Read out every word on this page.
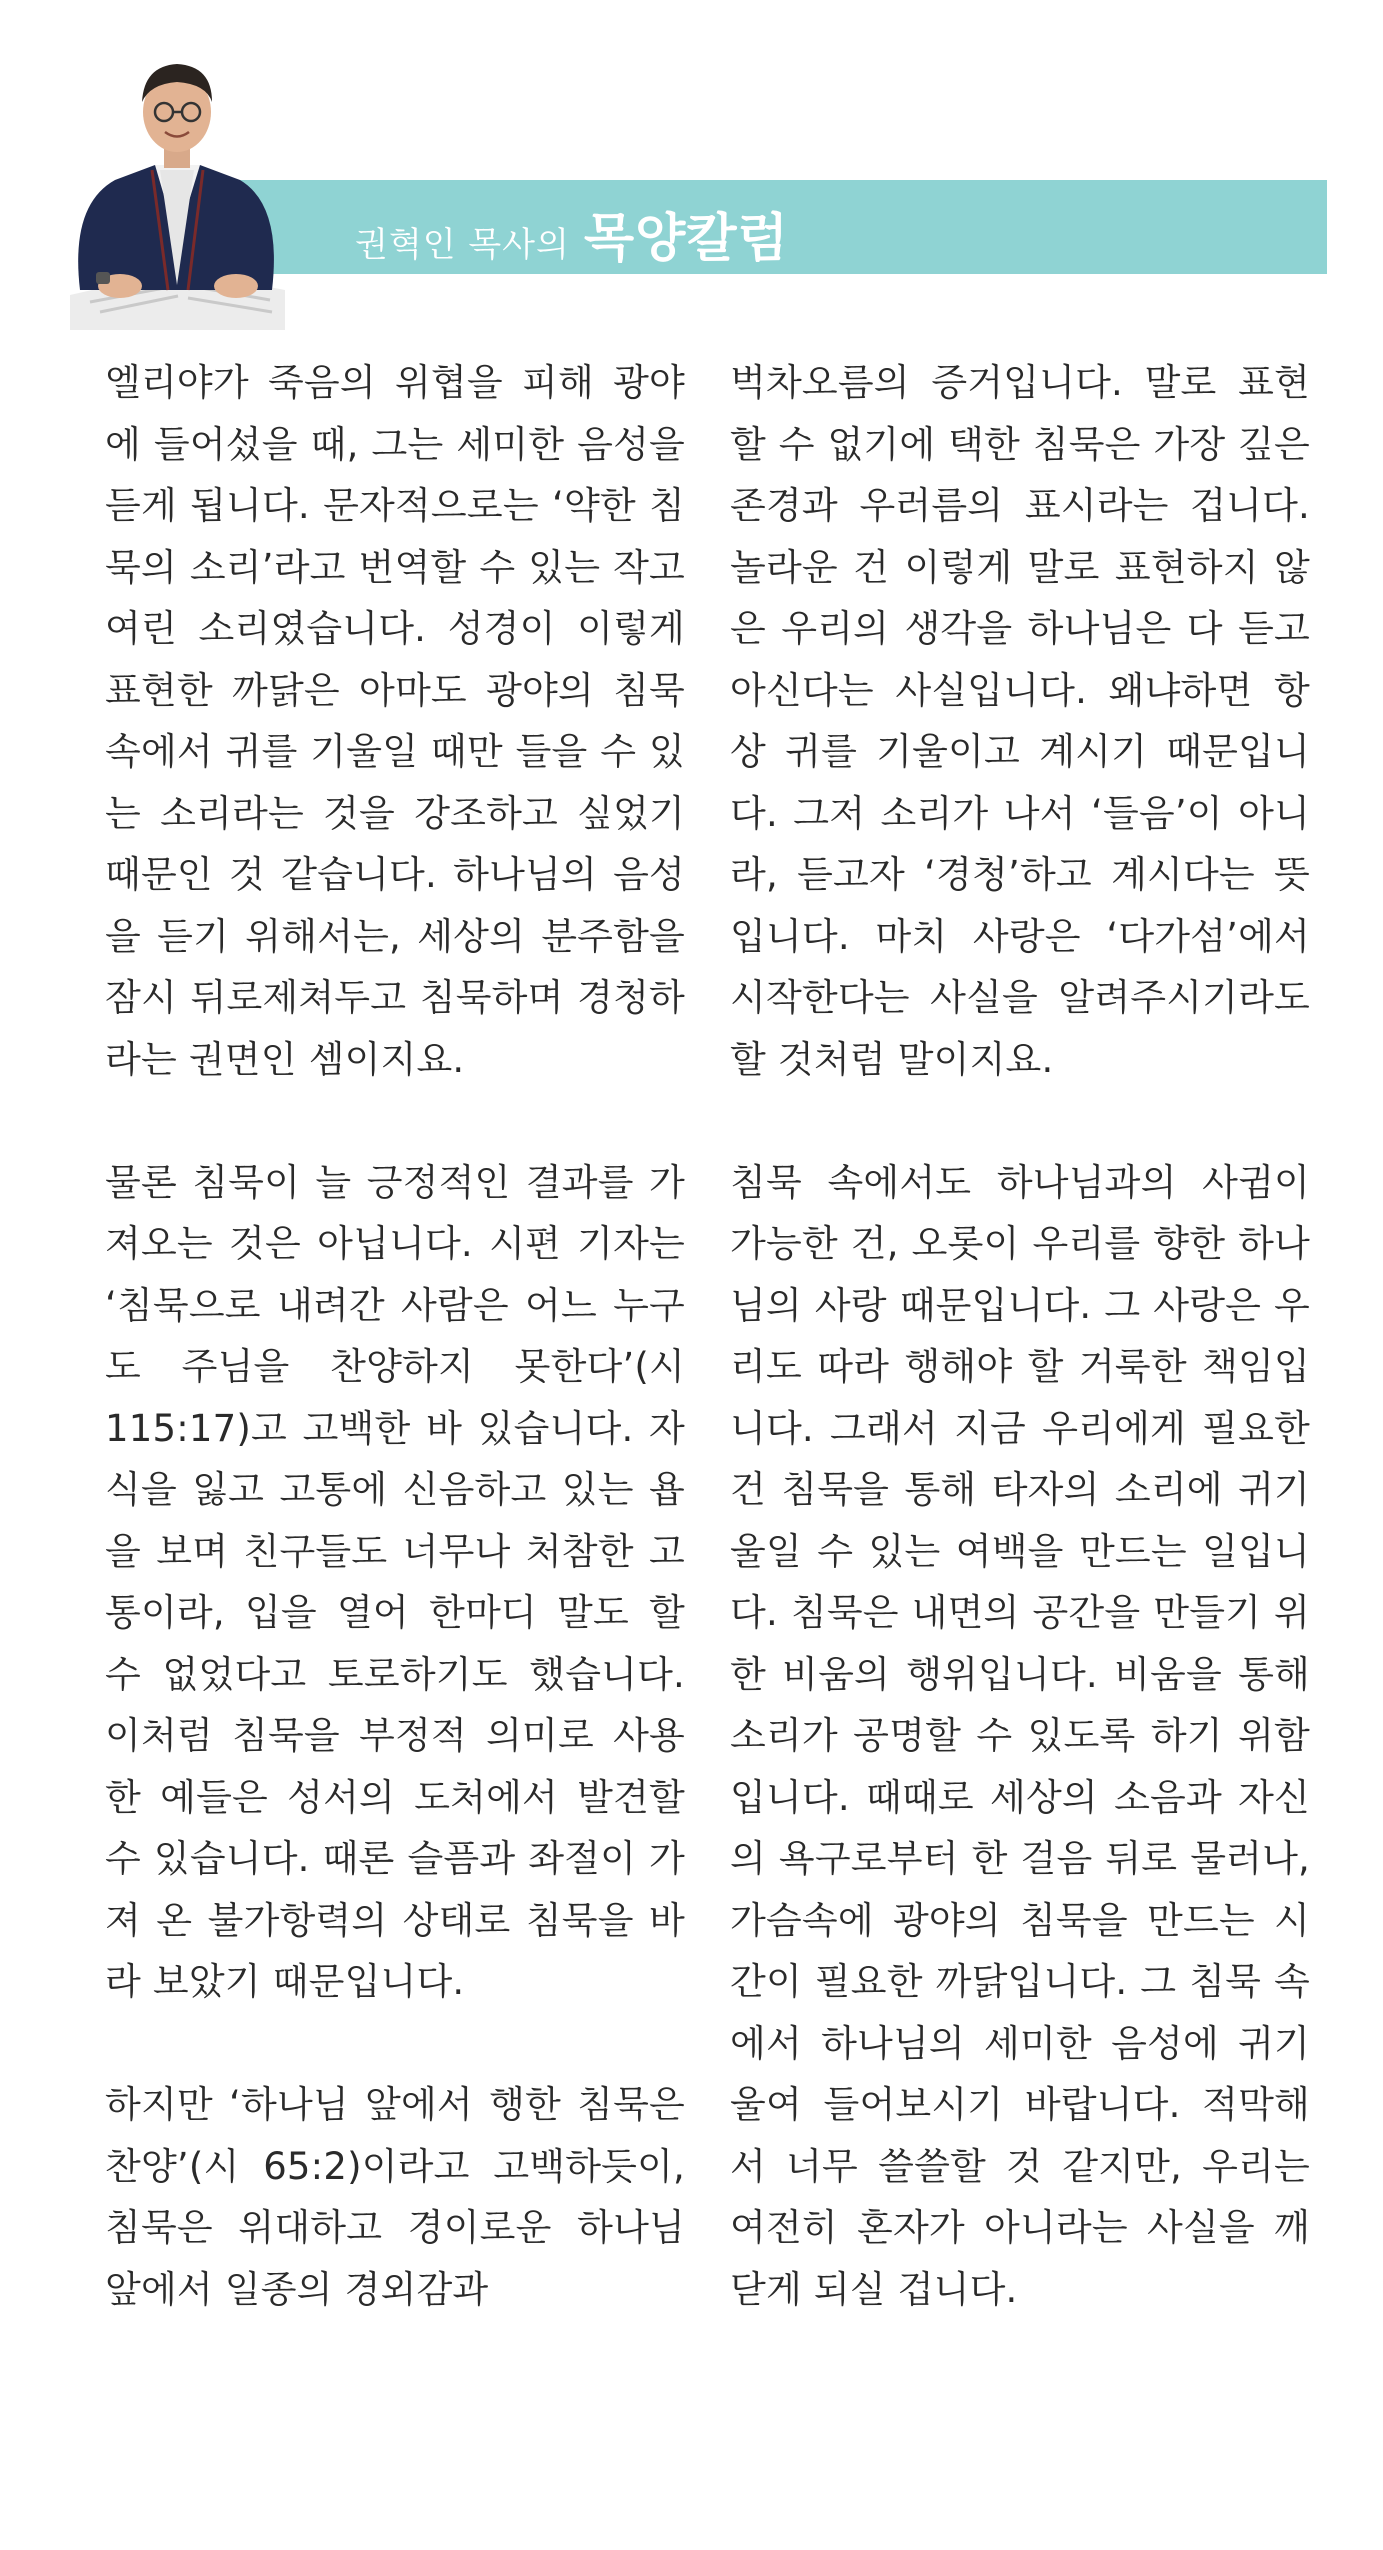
권혁인 목사의 목양칼럼

엘리야가 죽음의 위협을 피해 광야에 들어섰을 때, 그는 세미한 음성을 듣게 됩니다. 문자적으로는 ‘약한 침묵의 소리’라고 번역할 수 있는 작고 여린 소리였습니다. 성경이 이렇게 표현한 까닭은 아마도 광야의 침묵 속에서 귀를 기울일 때만 들을 수 있는 소리라는 것을 강조하고 싶었기 때문인 것 같습니다. 하나님의 음성을 듣기 위해서는, 세상의 분주함을 잠시 뒤로제쳐두고 침묵하며 경청하라는 권면인 셈이지요.

물론 침묵이 늘 긍정적인 결과를 가져오는 것은 아닙니다. 시편 기자는 ‘침묵으로 내려간 사람은 어느 누구도 주님을 찬양하지 못한다’(시115:17)고 고백한 바 있습니다. 자식을 잃고 고통에 신음하고 있는 욥을 보며 친구들도 너무나 처참한 고통이라, 입을 열어 한마디 말도 할 수 없었다고 토로하기도 했습니다. 이처럼 침묵을 부정적 의미로 사용한 예들은 성서의 도처에서 발견할 수 있습니다. 때론 슬픔과 좌절이 가져 온 불가항력의 상태로 침묵을 바라 보았기 때문입니다.

하지만 ‘하나님 앞에서 행한 침묵은 찬양’(시 65:2)이라고 고백하듯이, 침묵은 위대하고 경이로운 하나님 앞에서 일종의 경외감과

벅차오름의 증거입니다. 말로 표현할 수 없기에 택한 침묵은 가장 깊은 존경과 우러름의 표시라는 겁니다. 놀라운 건 이렇게 말로 표현하지 않은 우리의 생각을 하나님은 다 듣고 아신다는 사실입니다. 왜냐하면 항상 귀를 기울이고 계시기 때문입니다. 그저 소리가 나서 ‘들음’이 아니라, 듣고자 ‘경청’하고 계시다는 뜻입니다. 마치 사랑은 ‘다가섬’에서 시작한다는 사실을 알려주시기라도 할 것처럼 말이지요.

침묵 속에서도 하나님과의 사귐이 가능한 건, 오롯이 우리를 향한 하나님의 사랑 때문입니다. 그 사랑은 우리도 따라 행해야 할 거룩한 책임입니다. 그래서 지금 우리에게 필요한 건 침묵을 통해 타자의 소리에 귀기울일 수 있는 여백을 만드는 일입니다. 침묵은 내면의 공간을 만들기 위한 비움의 행위입니다. 비움을 통해 소리가 공명할 수 있도록 하기 위함입니다. 때때로 세상의 소음과 자신의 욕구로부터 한 걸음 뒤로 물러나, 가슴속에 광야의 침묵을 만드는 시간이 필요한 까닭입니다. 그 침묵 속에서 하나님의 세미한 음성에 귀기울여 들어보시기 바랍니다. 적막해서 너무 쓸쓸할 것 같지만, 우리는 여전히 혼자가 아니라는 사실을 깨닫게 되실 겁니다.
